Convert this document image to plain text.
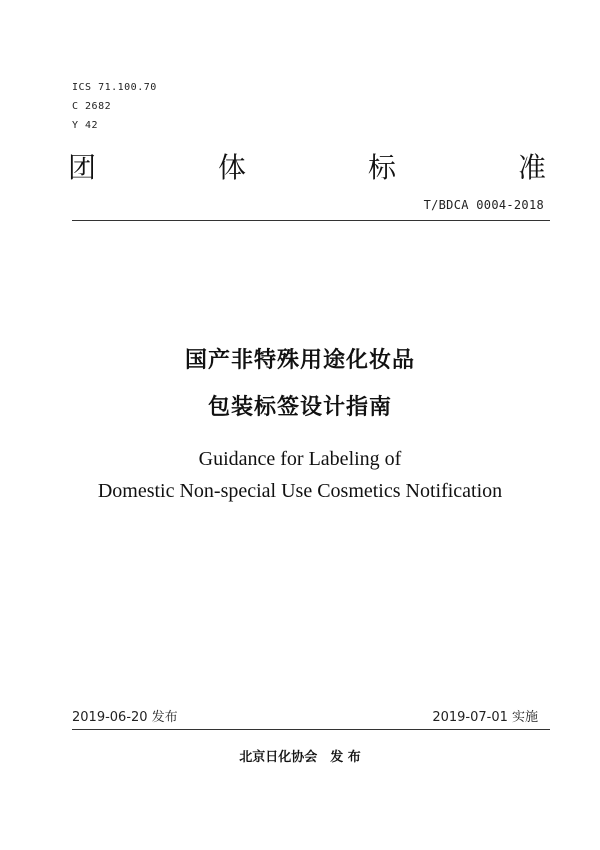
ICS 71.100.70
C 2682
Y 42
团	体	标	准
T/BDCA 0004-2018
国产非特殊用途化妆品
包装标签设计指南
Guidance for Labeling of
Domestic Non-special Use Cosmetics Notification
2019-06-20 发布	2019-07-01 实施
北京日化协会　发 布
